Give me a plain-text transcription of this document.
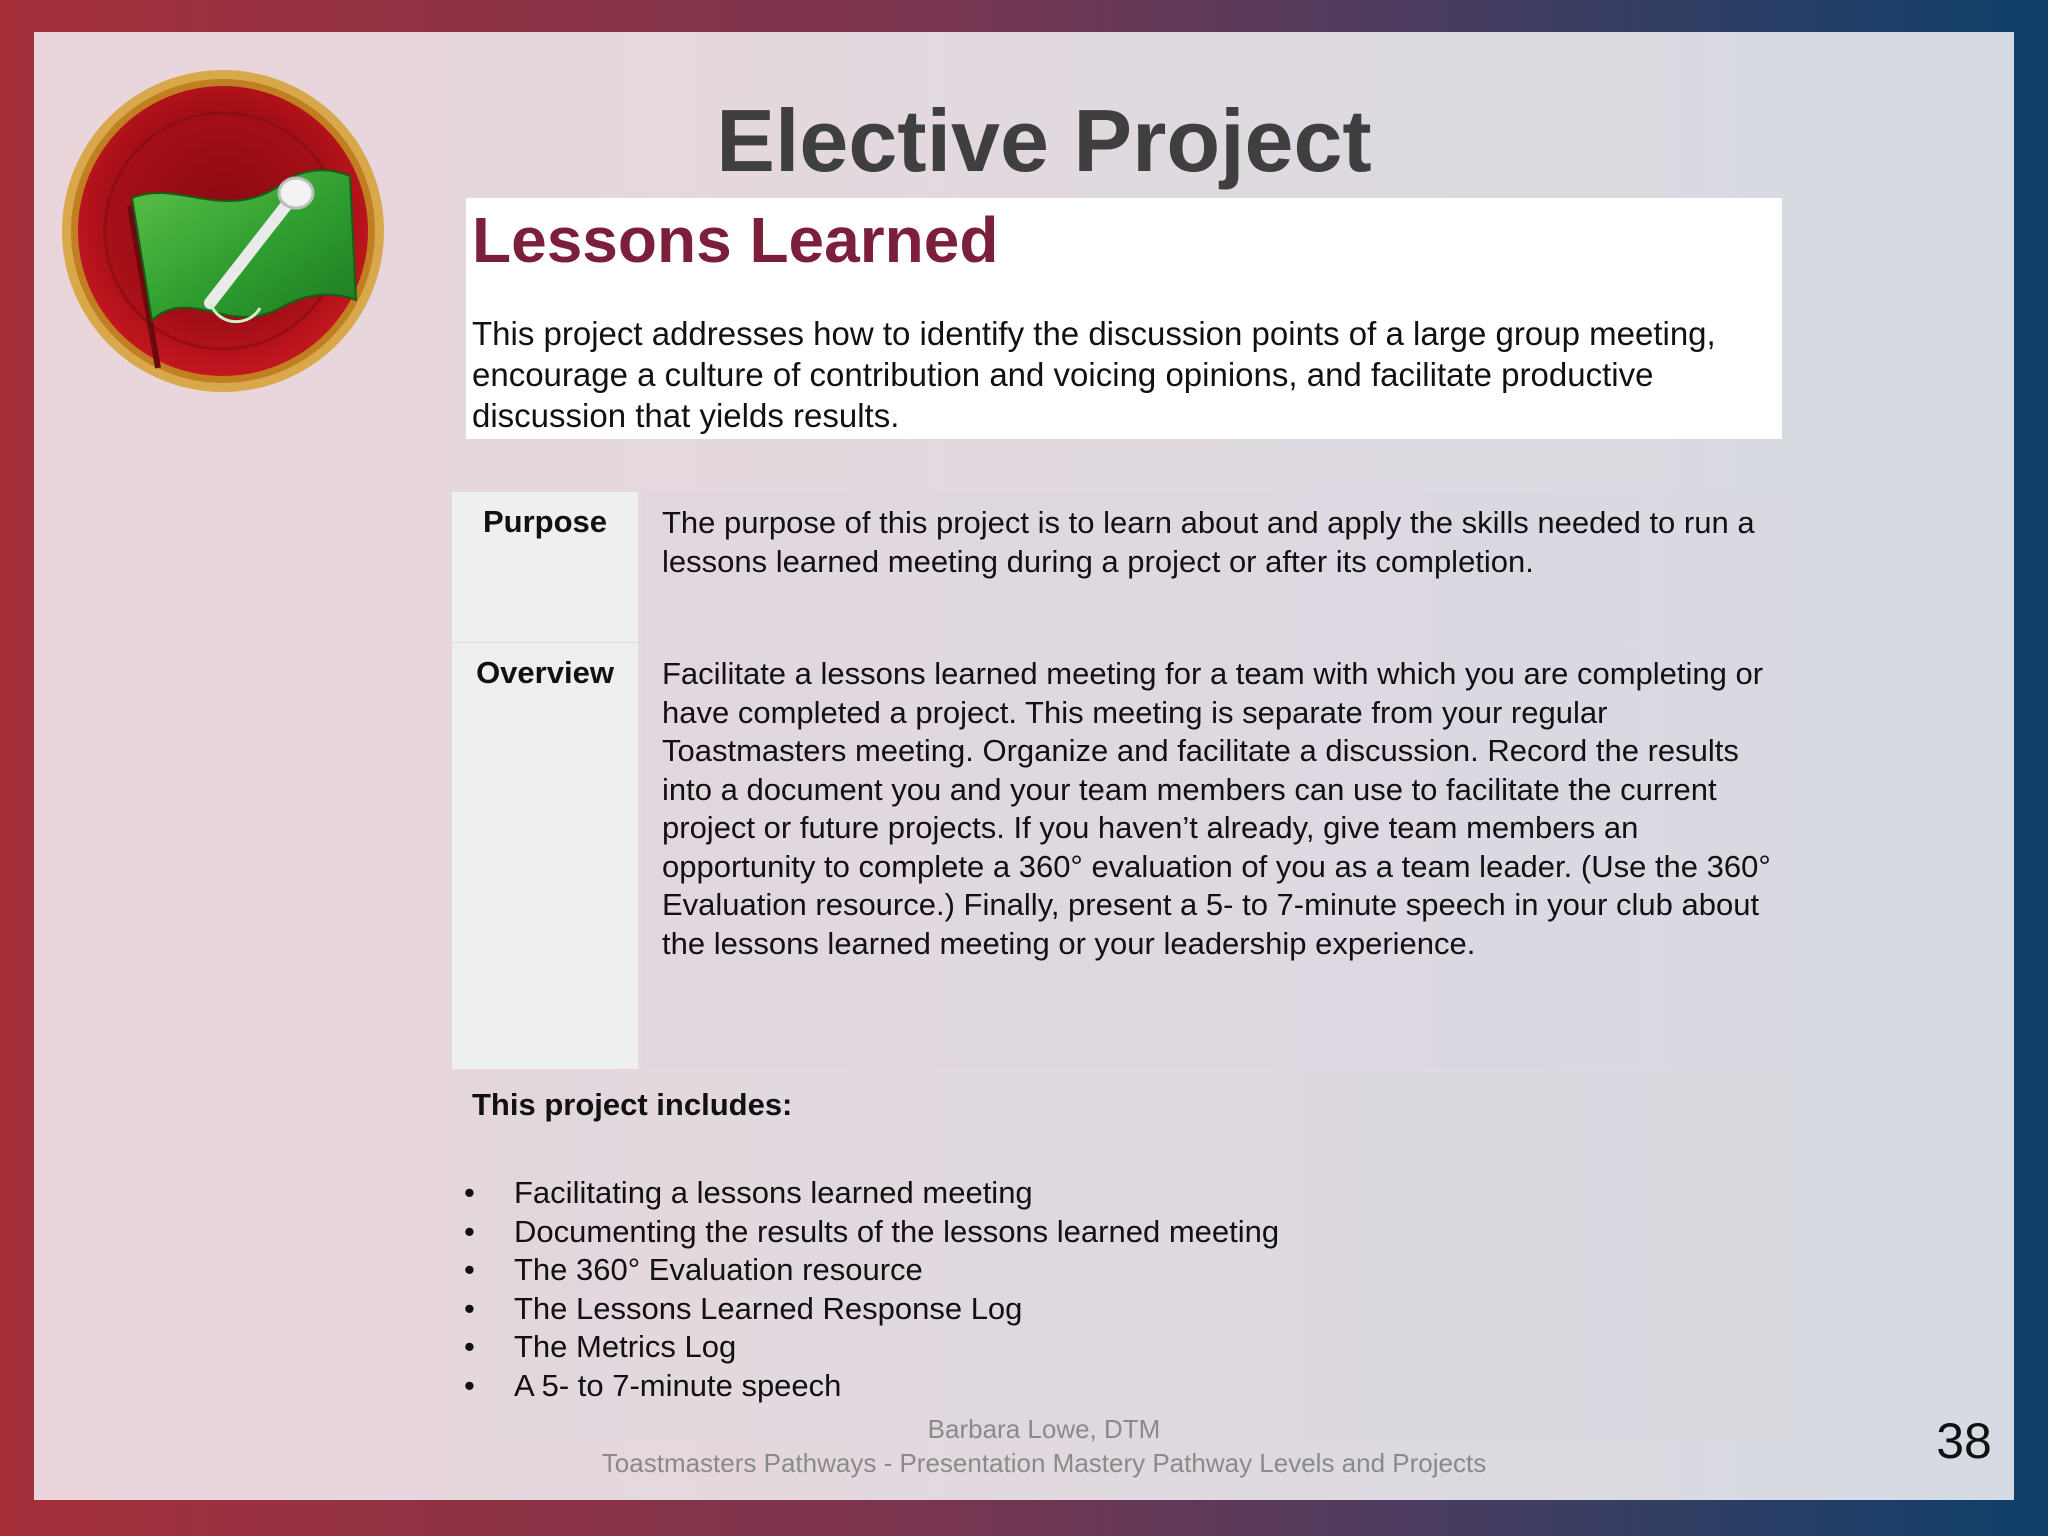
Elective Project
Lessons Learned

This project addresses how to identify the discussion points of a large group meeting, encourage a culture of contribution and voicing opinions, and facilitate productive discussion that yields results.

Purpose	The purpose of this project is to learn about and apply the skills needed to run a lessons learned meeting during a project or after its completion.
Overview	Facilitate a lessons learned meeting for a team with which you are completing or have completed a project. This meeting is separate from your regular Toastmasters meeting. Organize and facilitate a discussion. Record the results into a document you and your team members can use to facilitate the current project or future projects. If you haven’t already, give team members an opportunity to complete a 360° evaluation of you as a team leader. (Use the 360° Evaluation resource.) Finally, present a 5- to 7-minute speech in your club about the lessons learned meeting or your leadership experience.

This project includes:

• Facilitating a lessons learned meeting
• Documenting the results of the lessons learned meeting
• The 360° Evaluation resource
• The Lessons Learned Response Log
• The Metrics Log
• A 5- to 7-minute speech
Barbara Lowe, DTM
Toastmasters Pathways - Presentation Mastery Pathway Levels and Projects	38
